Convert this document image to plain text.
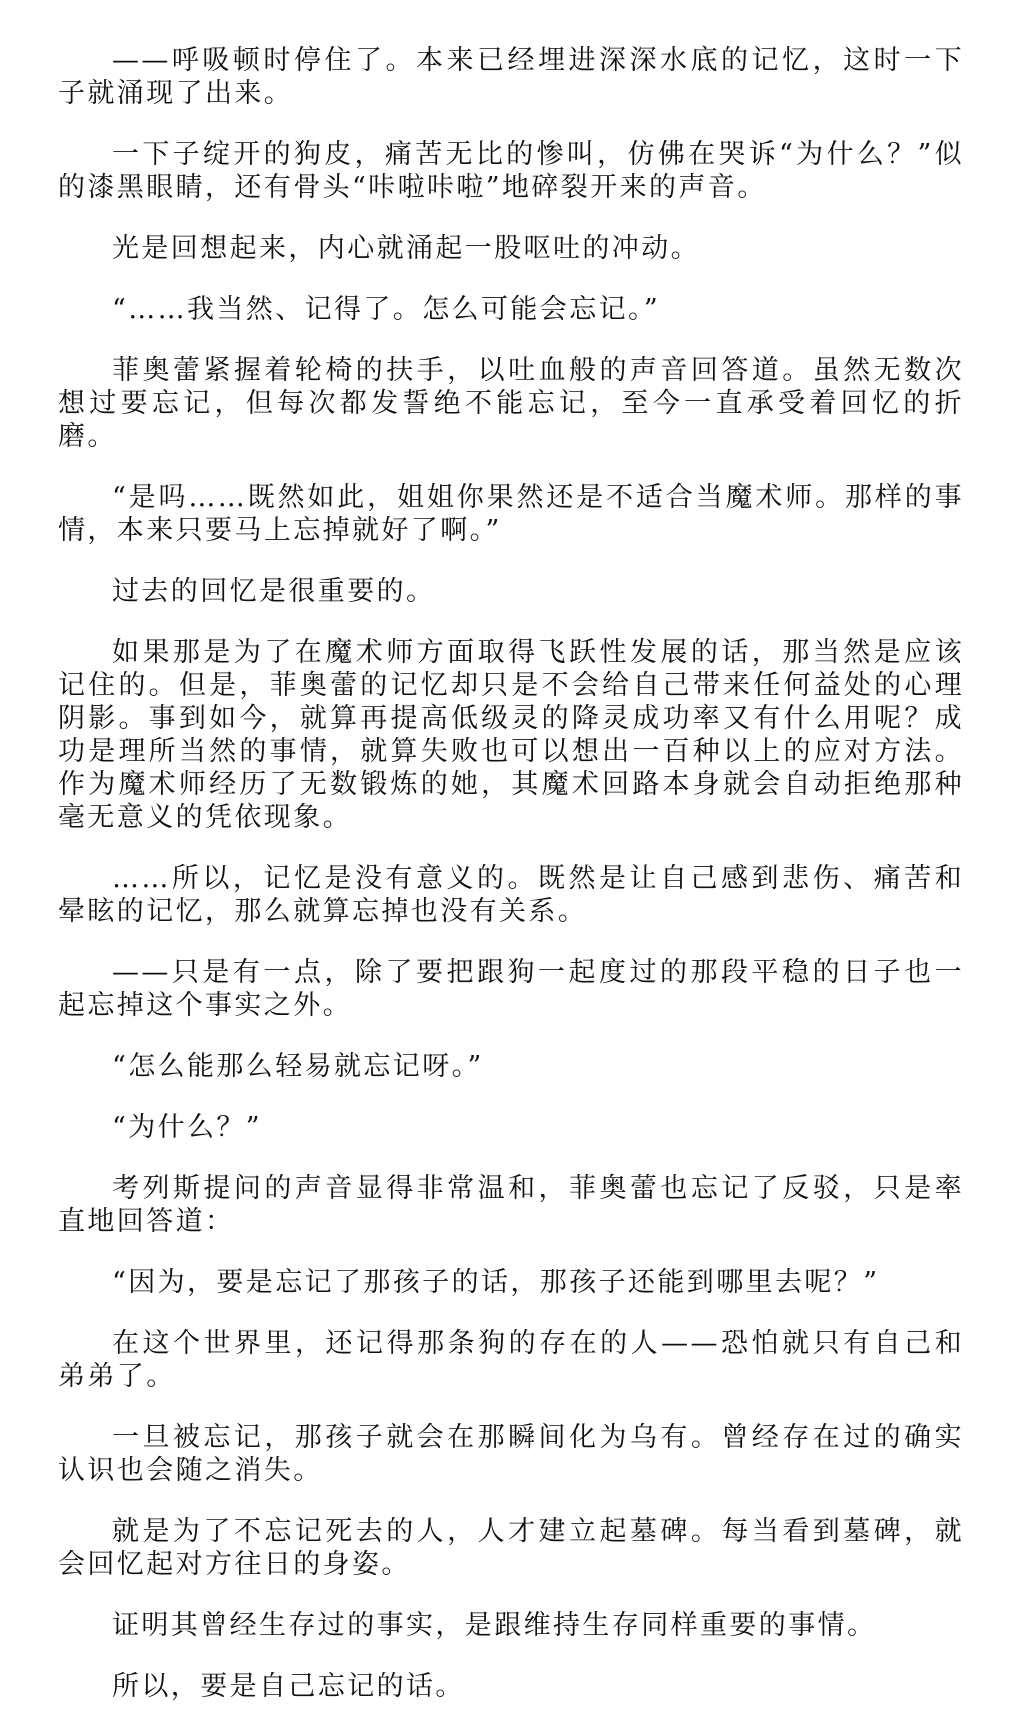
——呼吸顿时停住了。本来已经埋进深深水底的记忆，这时一下子就涌现了出来。

一下子绽开的狗皮，痛苦无比的惨叫，仿佛在哭诉“为什么？”似的漆黑眼睛，还有骨头“咔啦咔啦”地碎裂开来的声音。

光是回想起来，内心就涌起一股呕吐的冲动。

“……我当然、记得了。怎么可能会忘记。”

菲奥蕾紧握着轮椅的扶手，以吐血般的声音回答道。虽然无数次想过要忘记，但每次都发誓绝不能忘记，至今一直承受着回忆的折磨。

“是吗……既然如此，姐姐你果然还是不适合当魔术师。那样的事情，本来只要马上忘掉就好了啊。”

过去的回忆是很重要的。

如果那是为了在魔术师方面取得飞跃性发展的话，那当然是应该记住的。但是，菲奥蕾的记忆却只是不会给自己带来任何益处的心理阴影。事到如今，就算再提高低级灵的降灵成功率又有什么用呢？成功是理所当然的事情，就算失败也可以想出一百种以上的应对方法。作为魔术师经历了无数锻炼的她，其魔术回路本身就会自动拒绝那种毫无意义的凭依现象。

……所以，记忆是没有意义的。既然是让自己感到悲伤、痛苦和晕眩的记忆，那么就算忘掉也没有关系。

——只是有一点，除了要把跟狗一起度过的那段平稳的日子也一起忘掉这个事实之外。

“怎么能那么轻易就忘记呀。”

“为什么？”

考列斯提问的声音显得非常温和，菲奥蕾也忘记了反驳，只是率直地回答道：

“因为，要是忘记了那孩子的话，那孩子还能到哪里去呢？”

在这个世界里，还记得那条狗的存在的人——恐怕就只有自己和弟弟了。

一旦被忘记，那孩子就会在那瞬间化为乌有。曾经存在过的确实认识也会随之消失。

就是为了不忘记死去的人，人才建立起墓碑。每当看到墓碑，就会回忆起对方往日的身姿。

证明其曾经生存过的事实，是跟维持生存同样重要的事情。

所以，要是自己忘记的话。
